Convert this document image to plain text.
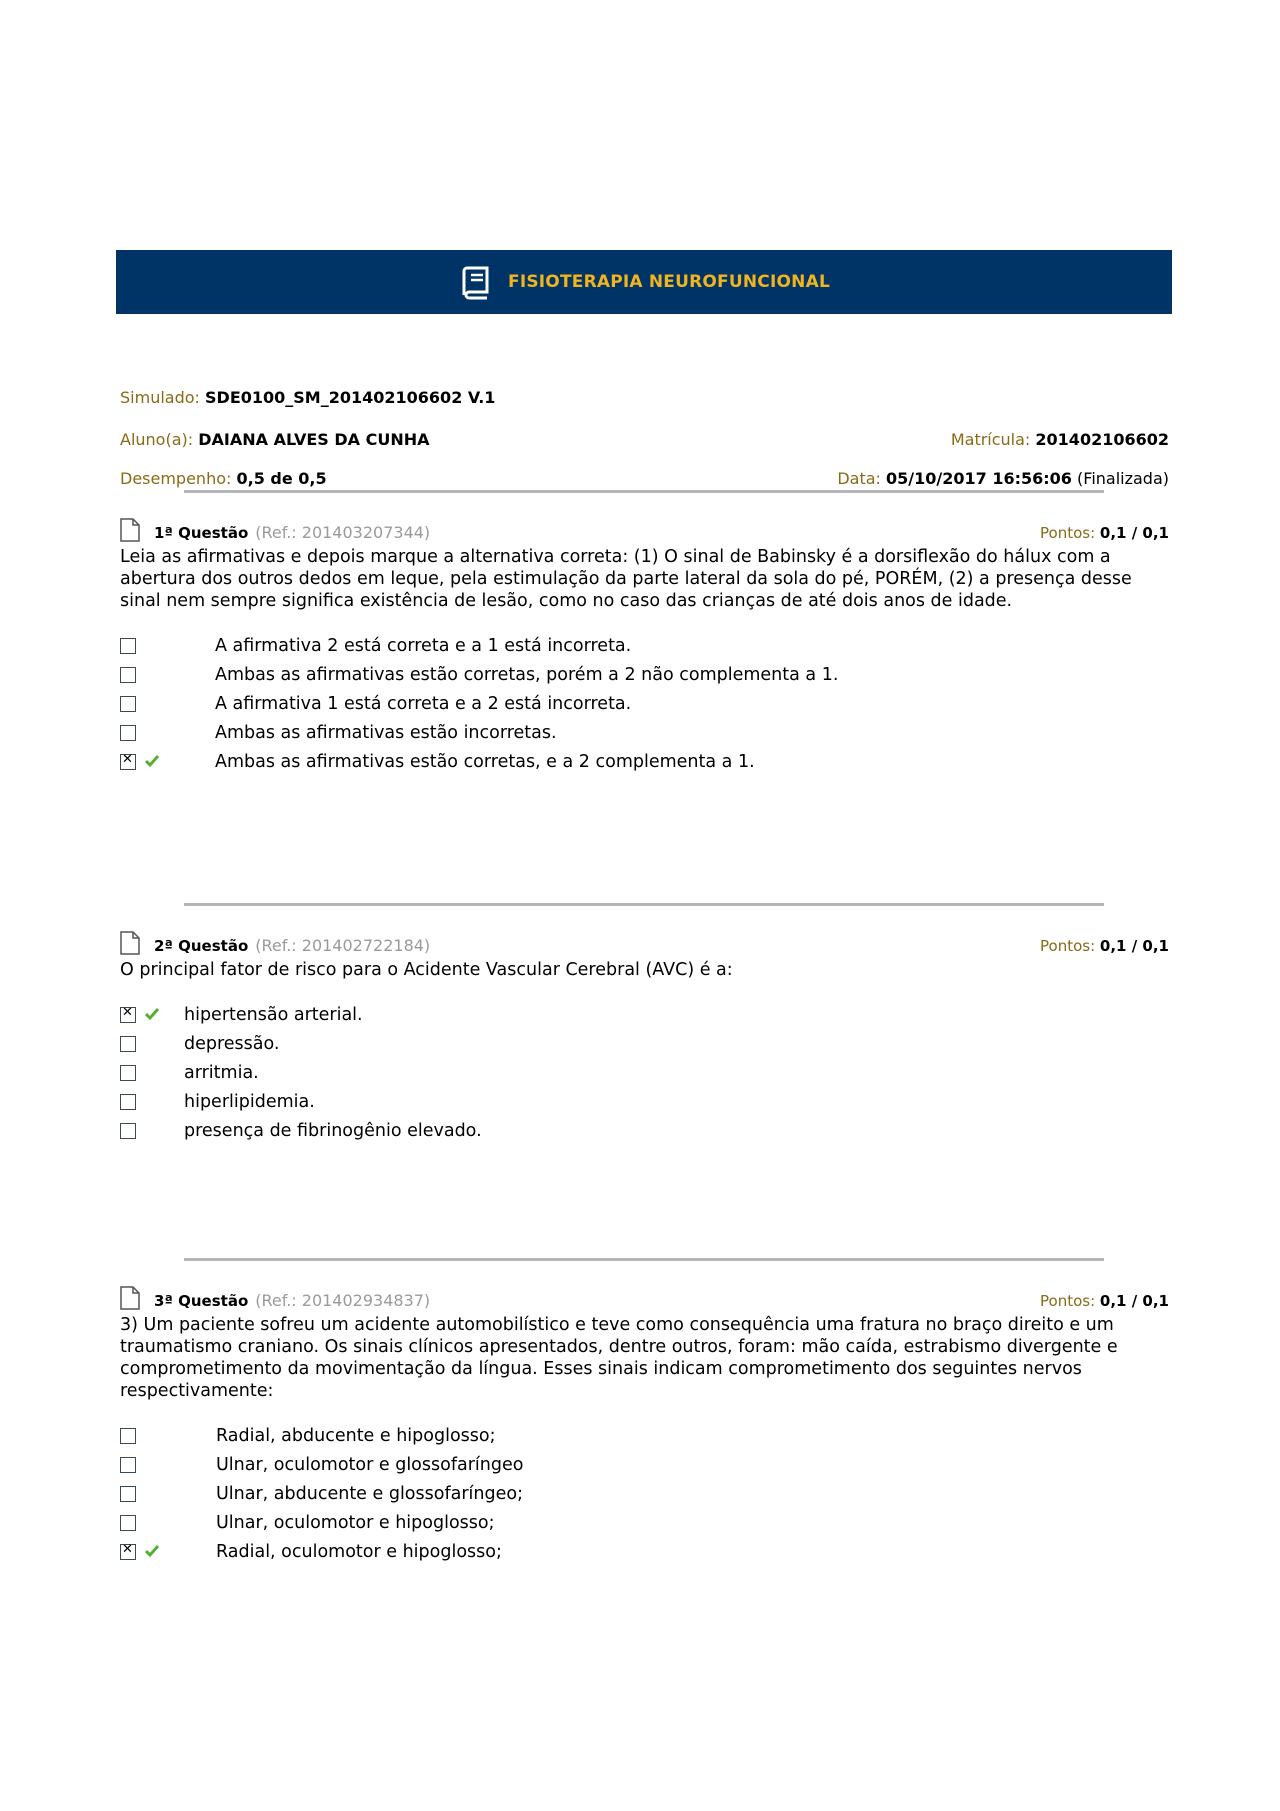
FISIOTERAPIA NEUROFUNCIONAL
Simulado: SDE0100_SM_201402106602 V.1
Aluno(a): DAIANA ALVES DA CUNHA	Matrícula: 201402106602
Desempenho: 0,5 de 0,5	Data: 05/10/2017 16:56:06 (Finalizada)
1ª Questão (Ref.: 201403207344)	Pontos: 0,1 / 0,1
Leia as afirmativas e depois marque a alternativa correta: (1) O sinal de Babinsky é a dorsiflexão do hálux com a abertura dos outros dedos em leque, pela estimulação da parte lateral da sola do pé, PORÉM, (2) a presença desse sinal nem sempre significa existência de lesão, como no caso das crianças de até dois anos de idade.
A afirmativa 2 está correta e a 1 está incorreta.
Ambas as afirmativas estão corretas, porém a 2 não complementa a 1.
A afirmativa 1 está correta e a 2 está incorreta.
Ambas as afirmativas estão incorretas.
✕
Ambas as afirmativas estão corretas, e a 2 complementa a 1.
2ª Questão (Ref.: 201402722184)	Pontos: 0,1 / 0,1
O principal fator de risco para o Acidente Vascular Cerebral (AVC) é a:
✕
hipertensão arterial.
depressão.
arritmia.
hiperlipidemia.
presença de fibrinogênio elevado.
3ª Questão (Ref.: 201402934837)	Pontos: 0,1 / 0,1
3) Um paciente sofreu um acidente automobilístico e teve como consequência uma fratura no braço direito e um traumatismo craniano. Os sinais clínicos apresentados, dentre outros, foram: mão caída, estrabismo divergente e comprometimento da movimentação da língua. Esses sinais indicam comprometimento dos seguintes nervos respectivamente:
Radial, abducente e hipoglosso;
Ulnar, oculomotor e glossofaríngeo
Ulnar, abducente e glossofaríngeo;
Ulnar, oculomotor e hipoglosso;
✕
Radial, oculomotor e hipoglosso;
